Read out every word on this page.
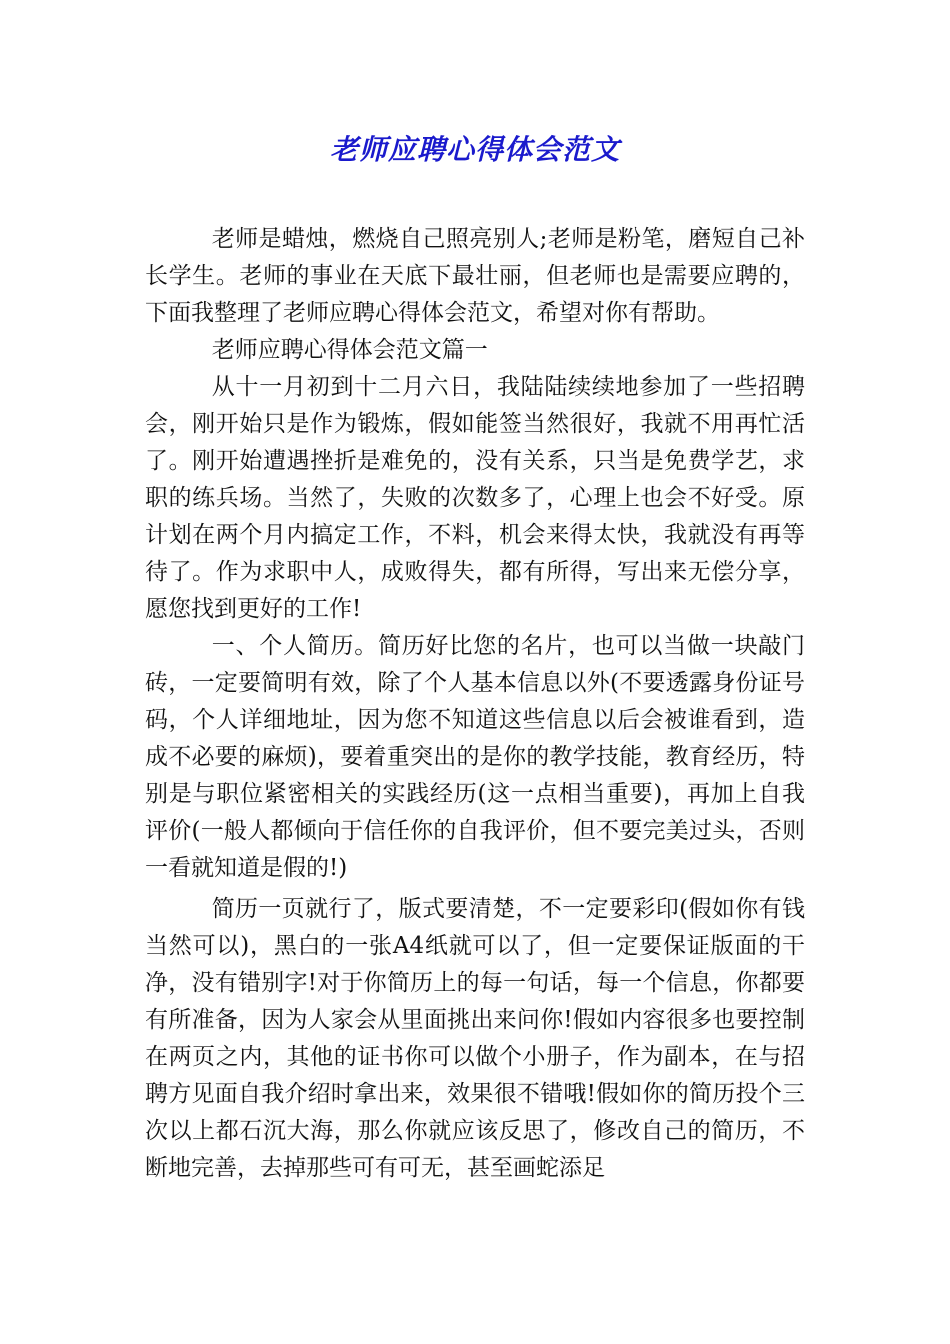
老师应聘心得体会范文

老师是蜡烛，燃烧自己照亮别人;老师是粉笔，磨短自己补长学生。老师的事业在天底下最壮丽，但老师也是需要应聘的，下面我整理了老师应聘心得体会范文，希望对你有帮助。

老师应聘心得体会范文篇一

从十一月初到十二月六日，我陆陆续续地参加了一些招聘会，刚开始只是作为锻炼，假如能签当然很好，我就不用再忙活了。刚开始遭遇挫折是难免的，没有关系，只当是免费学艺，求职的练兵场。当然了，失败的次数多了，心理上也会不好受。原计划在两个月内搞定工作，不料，机会来得太快，我就没有再等待了。作为求职中人，成败得失，都有所得，写出来无偿分享，愿您找到更好的工作!

一、个人简历。简历好比您的名片，也可以当做一块敲门砖，一定要简明有效，除了个人基本信息以外(不要透露身份证号码，个人详细地址，因为您不知道这些信息以后会被谁看到，造成不必要的麻烦)，要着重突出的是你的教学技能，教育经历，特别是与职位紧密相关的实践经历(这一点相当重要)，再加上自我评价(一般人都倾向于信任你的自我评价，但不要完美过头，否则一看就知道是假的!)

简历一页就行了，版式要清楚，不一定要彩印(假如你有钱当然可以)，黑白的一张A4纸就可以了，但一定要保证版面的干净，没有错别字!对于你简历上的每一句话，每一个信息，你都要有所准备，因为人家会从里面挑出来问你!假如内容很多也要控制在两页之内，其他的证书你可以做个小册子，作为副本，在与招聘方见面自我介绍时拿出来，效果很不错哦!假如你的简历投个三次以上都石沉大海，那么你就应该反思了，修改自己的简历，不断地完善，去掉那些可有可无，甚至画蛇添足
